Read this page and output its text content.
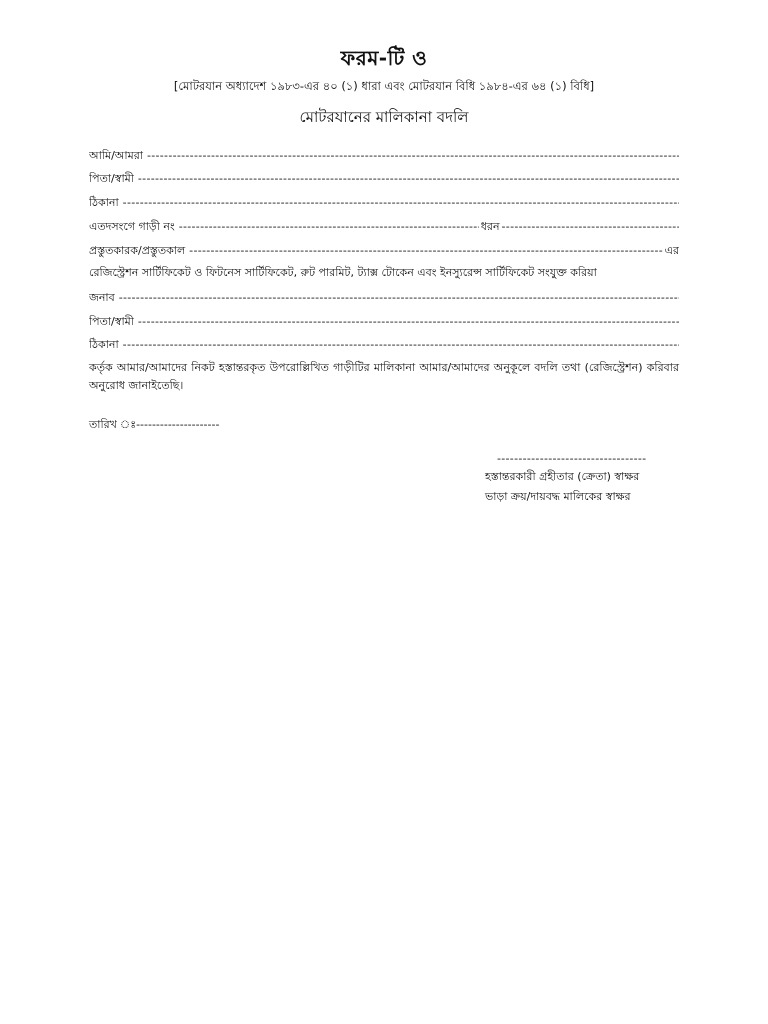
ফরম-টি ও
[মোটরযান অধ্যাদেশ ১৯৮৩-এর ৪০ (১) ধারা এবং মোটরযান বিধি ১৯৮৪-এর ৬৪ (১) বিধি]
মোটরযানের মালিকানা বদলি
আমি/আমরা
-----
পিতা/স্বামী
-----
ঠিকানা
-----
এতদসংগে গাড়ী নং -----	ধরন
-----
প্রস্তুতকারক/প্রস্তুতকাল -----	এর
রেজিস্ট্রেশন সার্টিফিকেট ও ফিটনেস সার্টিফিকেট, রুট পারমিট, ট্যাক্স টোকেন এবং ইনস্যুরেন্স সার্টিফিকেট সংযুক্ত করিয়া
জনাব
-----
পিতা/স্বামী
-----
ঠিকানা
-----
কর্তৃক আমার/আমাদের নিকট হস্তান্তরকৃত উপরোল্লিখিত গাড়ীটির মালিকানা আমার/আমাদের অনুকূলে বদলি তথা (রেজিস্ট্রেশন) করিবার অনুরোধ জানাইতেছি।
তারিখ ঃ---------------------
-----------------------------------
হস্তান্তরকারী গ্রহীতার (ক্রেতা) স্বাক্ষর
ভাড়া ক্রয়/দায়বদ্ধ মালিকের স্বাক্ষর
